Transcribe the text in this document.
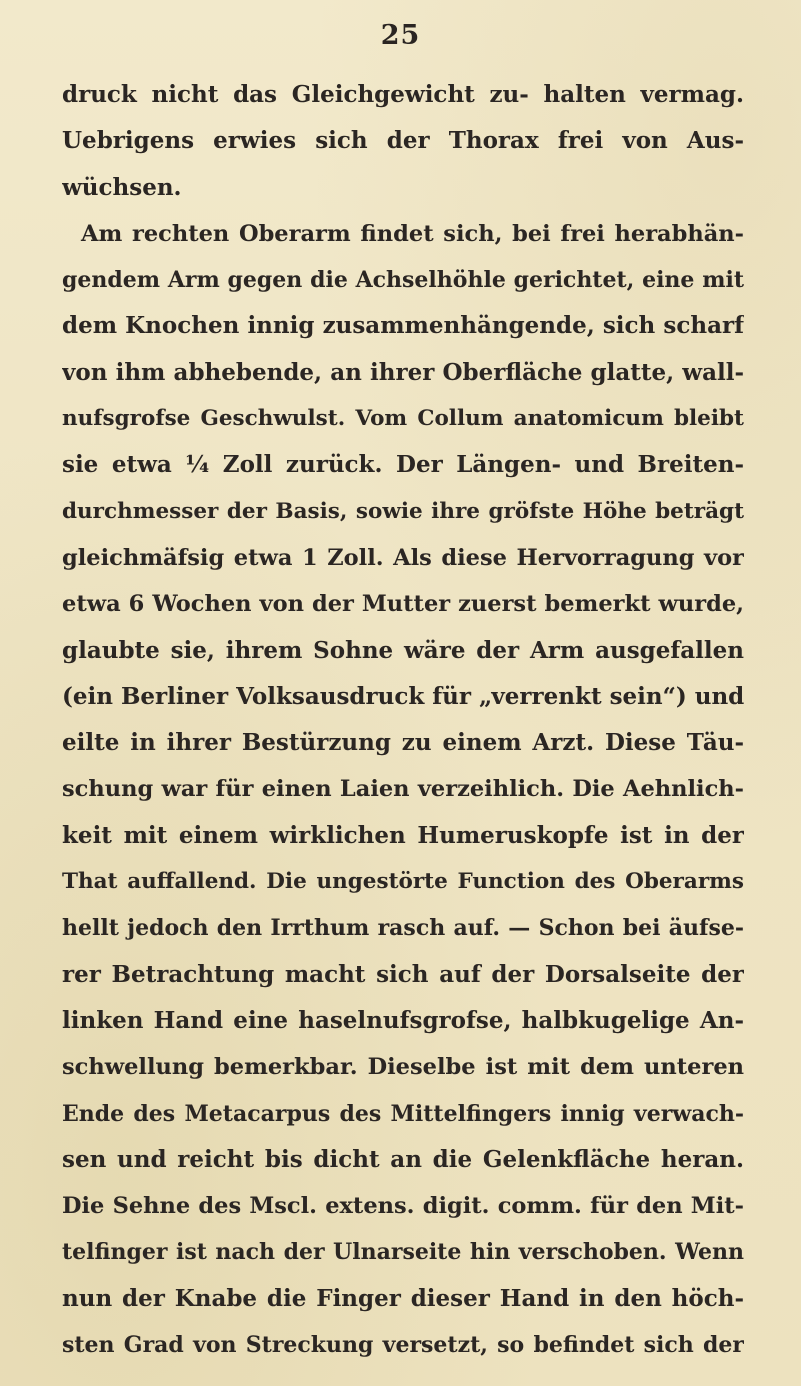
25
druck nicht das Gleichgewicht zu- halten vermag.
Uebrigens erwies sich der Thorax frei von Aus-
wüchsen.
Am rechten Oberarm findet sich, bei frei herabhän-
gendem Arm gegen die Achselhöhle gerichtet, eine mit
dem Knochen innig zusammenhängende, sich scharf
von ihm abhebende, an ihrer Oberfläche glatte, wall-
nufsgrofse Geschwulst. Vom Collum anatomicum bleibt
sie etwa ¼ Zoll zurück. Der Längen- und Breiten-
durchmesser der Basis, sowie ihre gröfste Höhe beträgt
gleichmäfsig etwa 1 Zoll. Als diese Hervorragung vor
etwa 6 Wochen von der Mutter zuerst bemerkt wurde,
glaubte sie, ihrem Sohne wäre der Arm ausgefallen
(ein Berliner Volksausdruck für „verrenkt sein“) und
eilte in ihrer Bestürzung zu einem Arzt. Diese Täu-
schung war für einen Laien verzeihlich. Die Aehnlich-
keit mit einem wirklichen Humeruskopfe ist in der
That auffallend. Die ungestörte Function des Oberarms
hellt jedoch den Irrthum rasch auf. — Schon bei äufse-
rer Betrachtung macht sich auf der Dorsalseite der
linken Hand eine haselnufsgrofse, halbkugelige An-
schwellung bemerkbar. Dieselbe ist mit dem unteren
Ende des Metacarpus des Mittelfingers innig verwach-
sen und reicht bis dicht an die Gelenkfläche heran.
Die Sehne des Mscl. extens. digit. comm. für den Mit-
telfinger ist nach der Ulnarseite hin verschoben. Wenn
nun der Knabe die Finger dieser Hand in den höch-
sten Grad von Streckung versetzt, so befindet sich der
